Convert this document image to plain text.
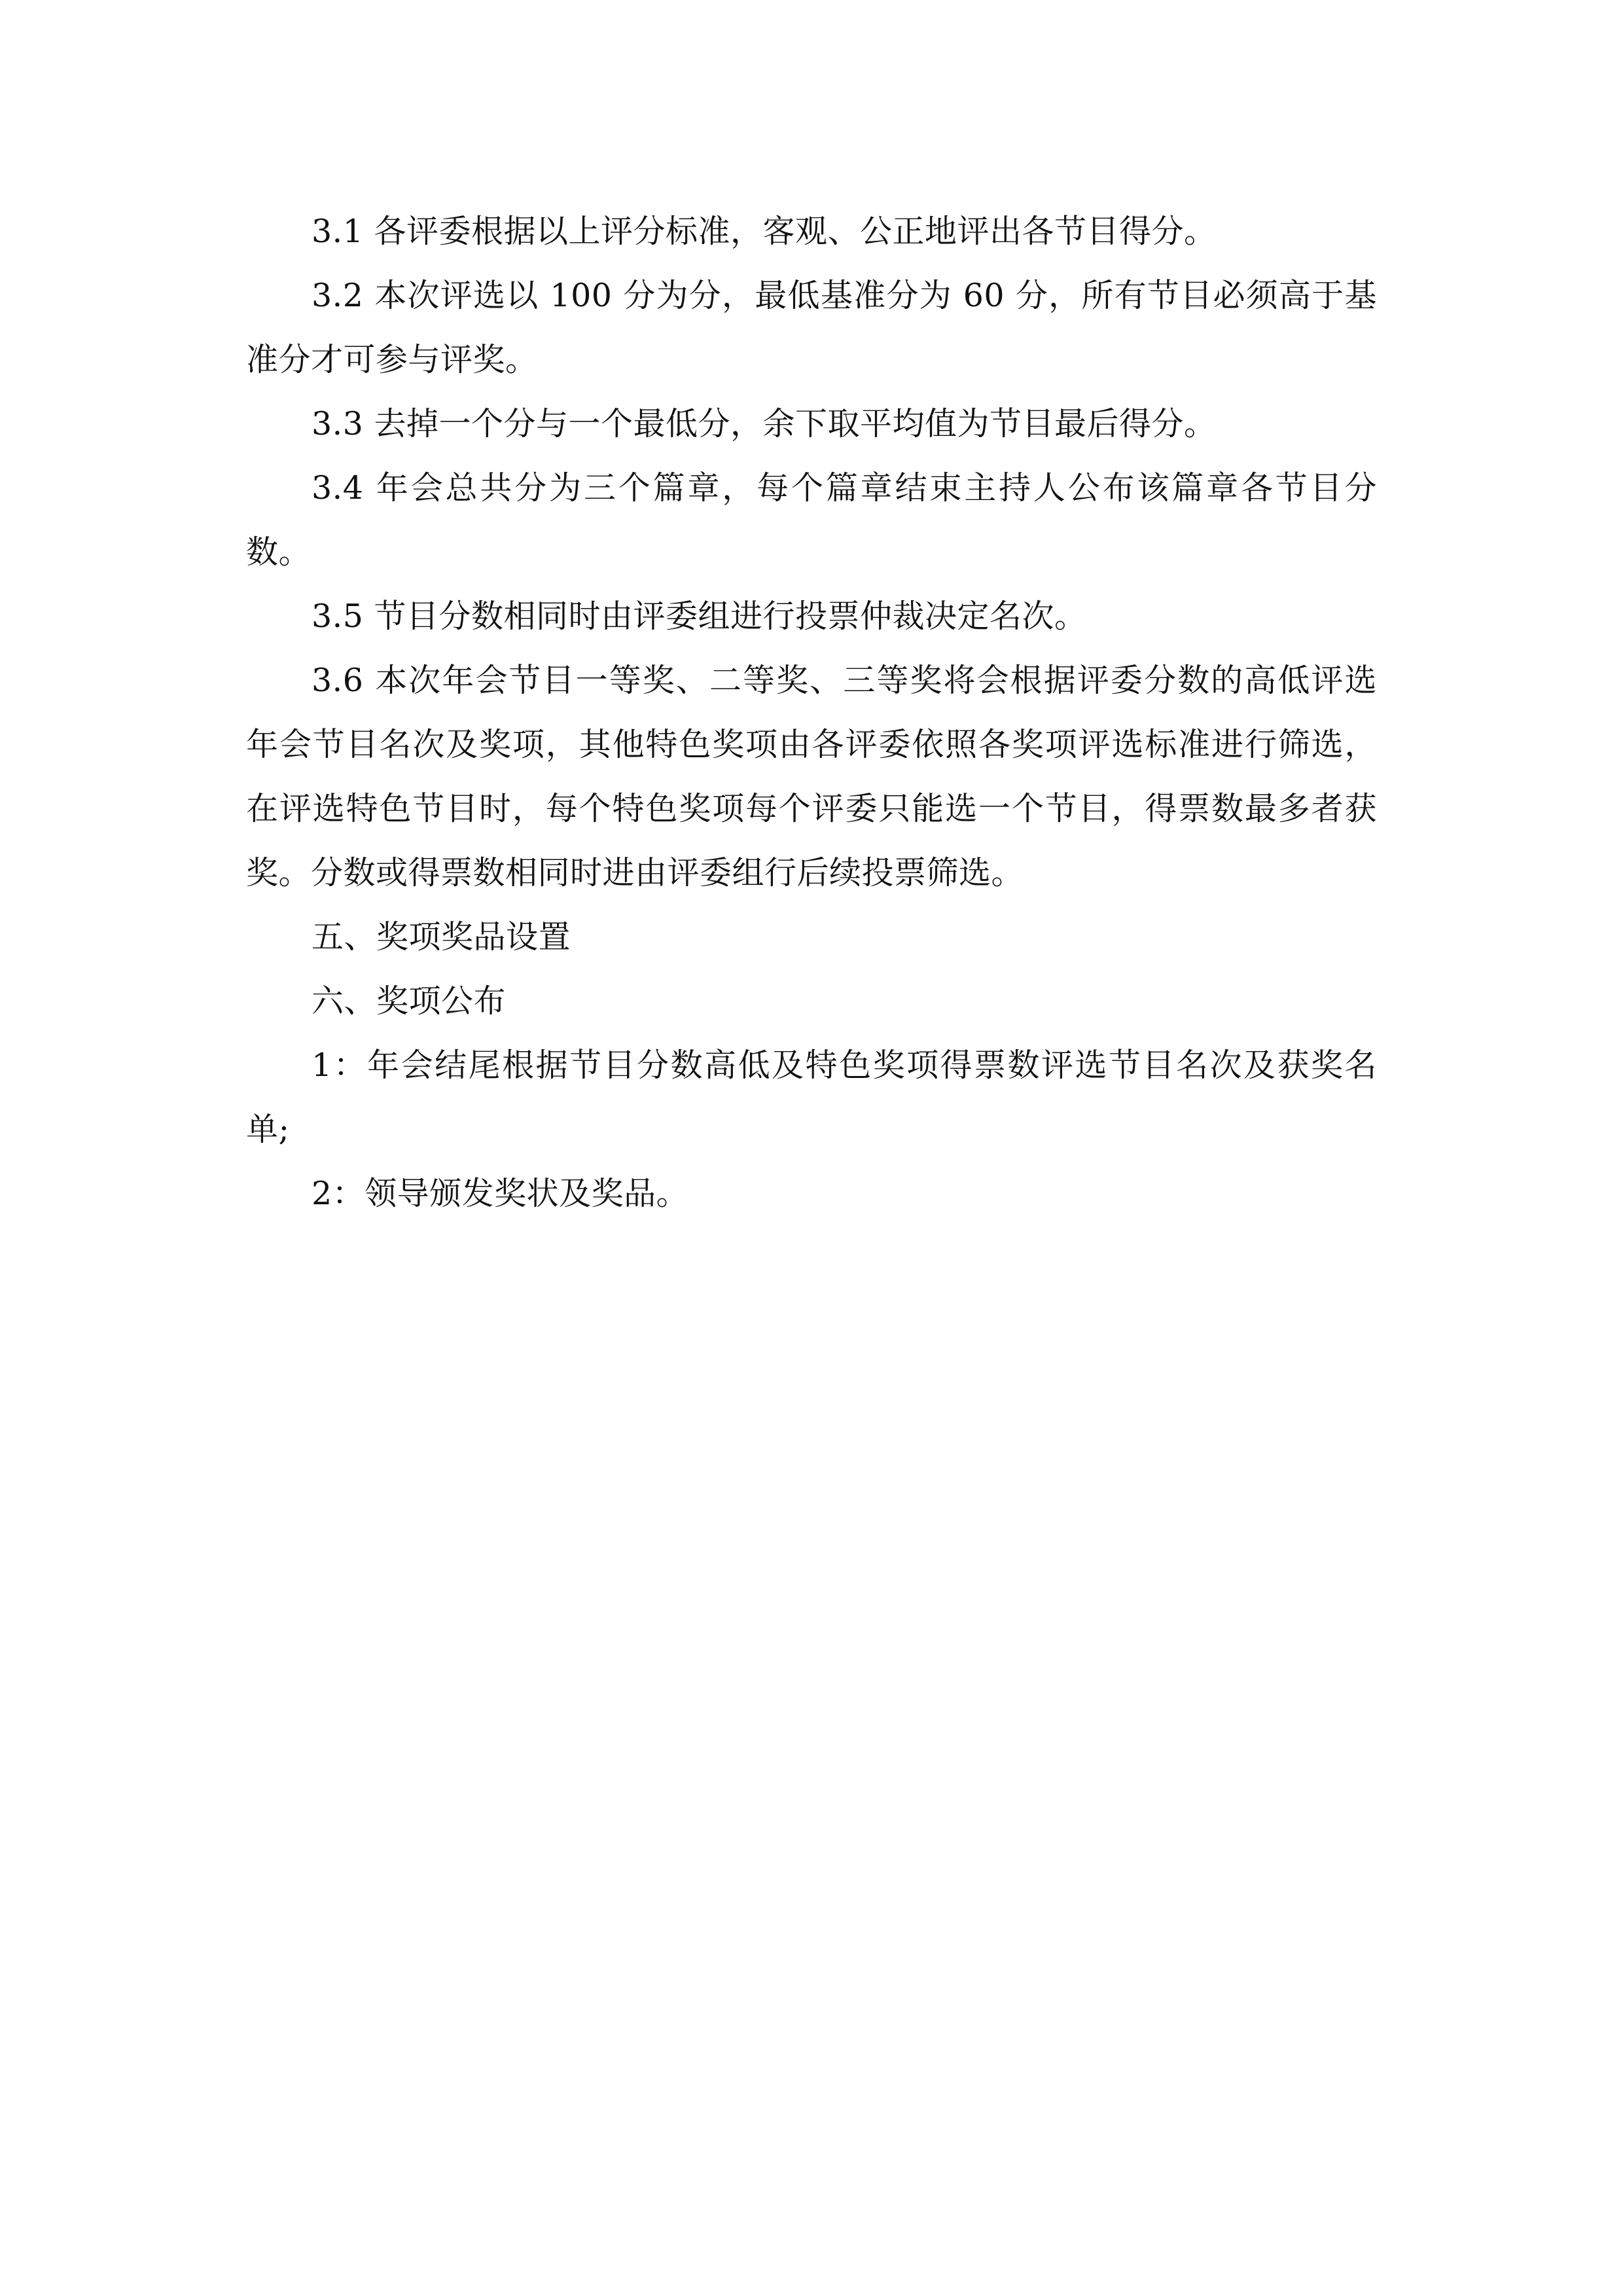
3.1 各评委根据以上评分标准，客观、公正地评出各节目得分。

3.2 本次评选以 100 分为分，最低基准分为 60 分，所有节目必须高于基准分才可参与评奖。

3.3 去掉一个分与一个最低分，余下取平均值为节目最后得分。

3.4 年会总共分为三个篇章，每个篇章结束主持人公布该篇章各节目分数。

3.5 节目分数相同时由评委组进行投票仲裁决定名次。

3.6 本次年会节目一等奖、二等奖、三等奖将会根据评委分数的高低评选年会节目名次及奖项，其他特色奖项由各评委依照各奖项评选标准进行筛选，在评选特色节目时，每个特色奖项每个评委只能选一个节目，得票数最多者获奖。分数或得票数相同时进由评委组行后续投票筛选。

五、奖项奖品设置

六、奖项公布

1：年会结尾根据节目分数高低及特色奖项得票数评选节目名次及获奖名单;

2：领导颁发奖状及奖品。
